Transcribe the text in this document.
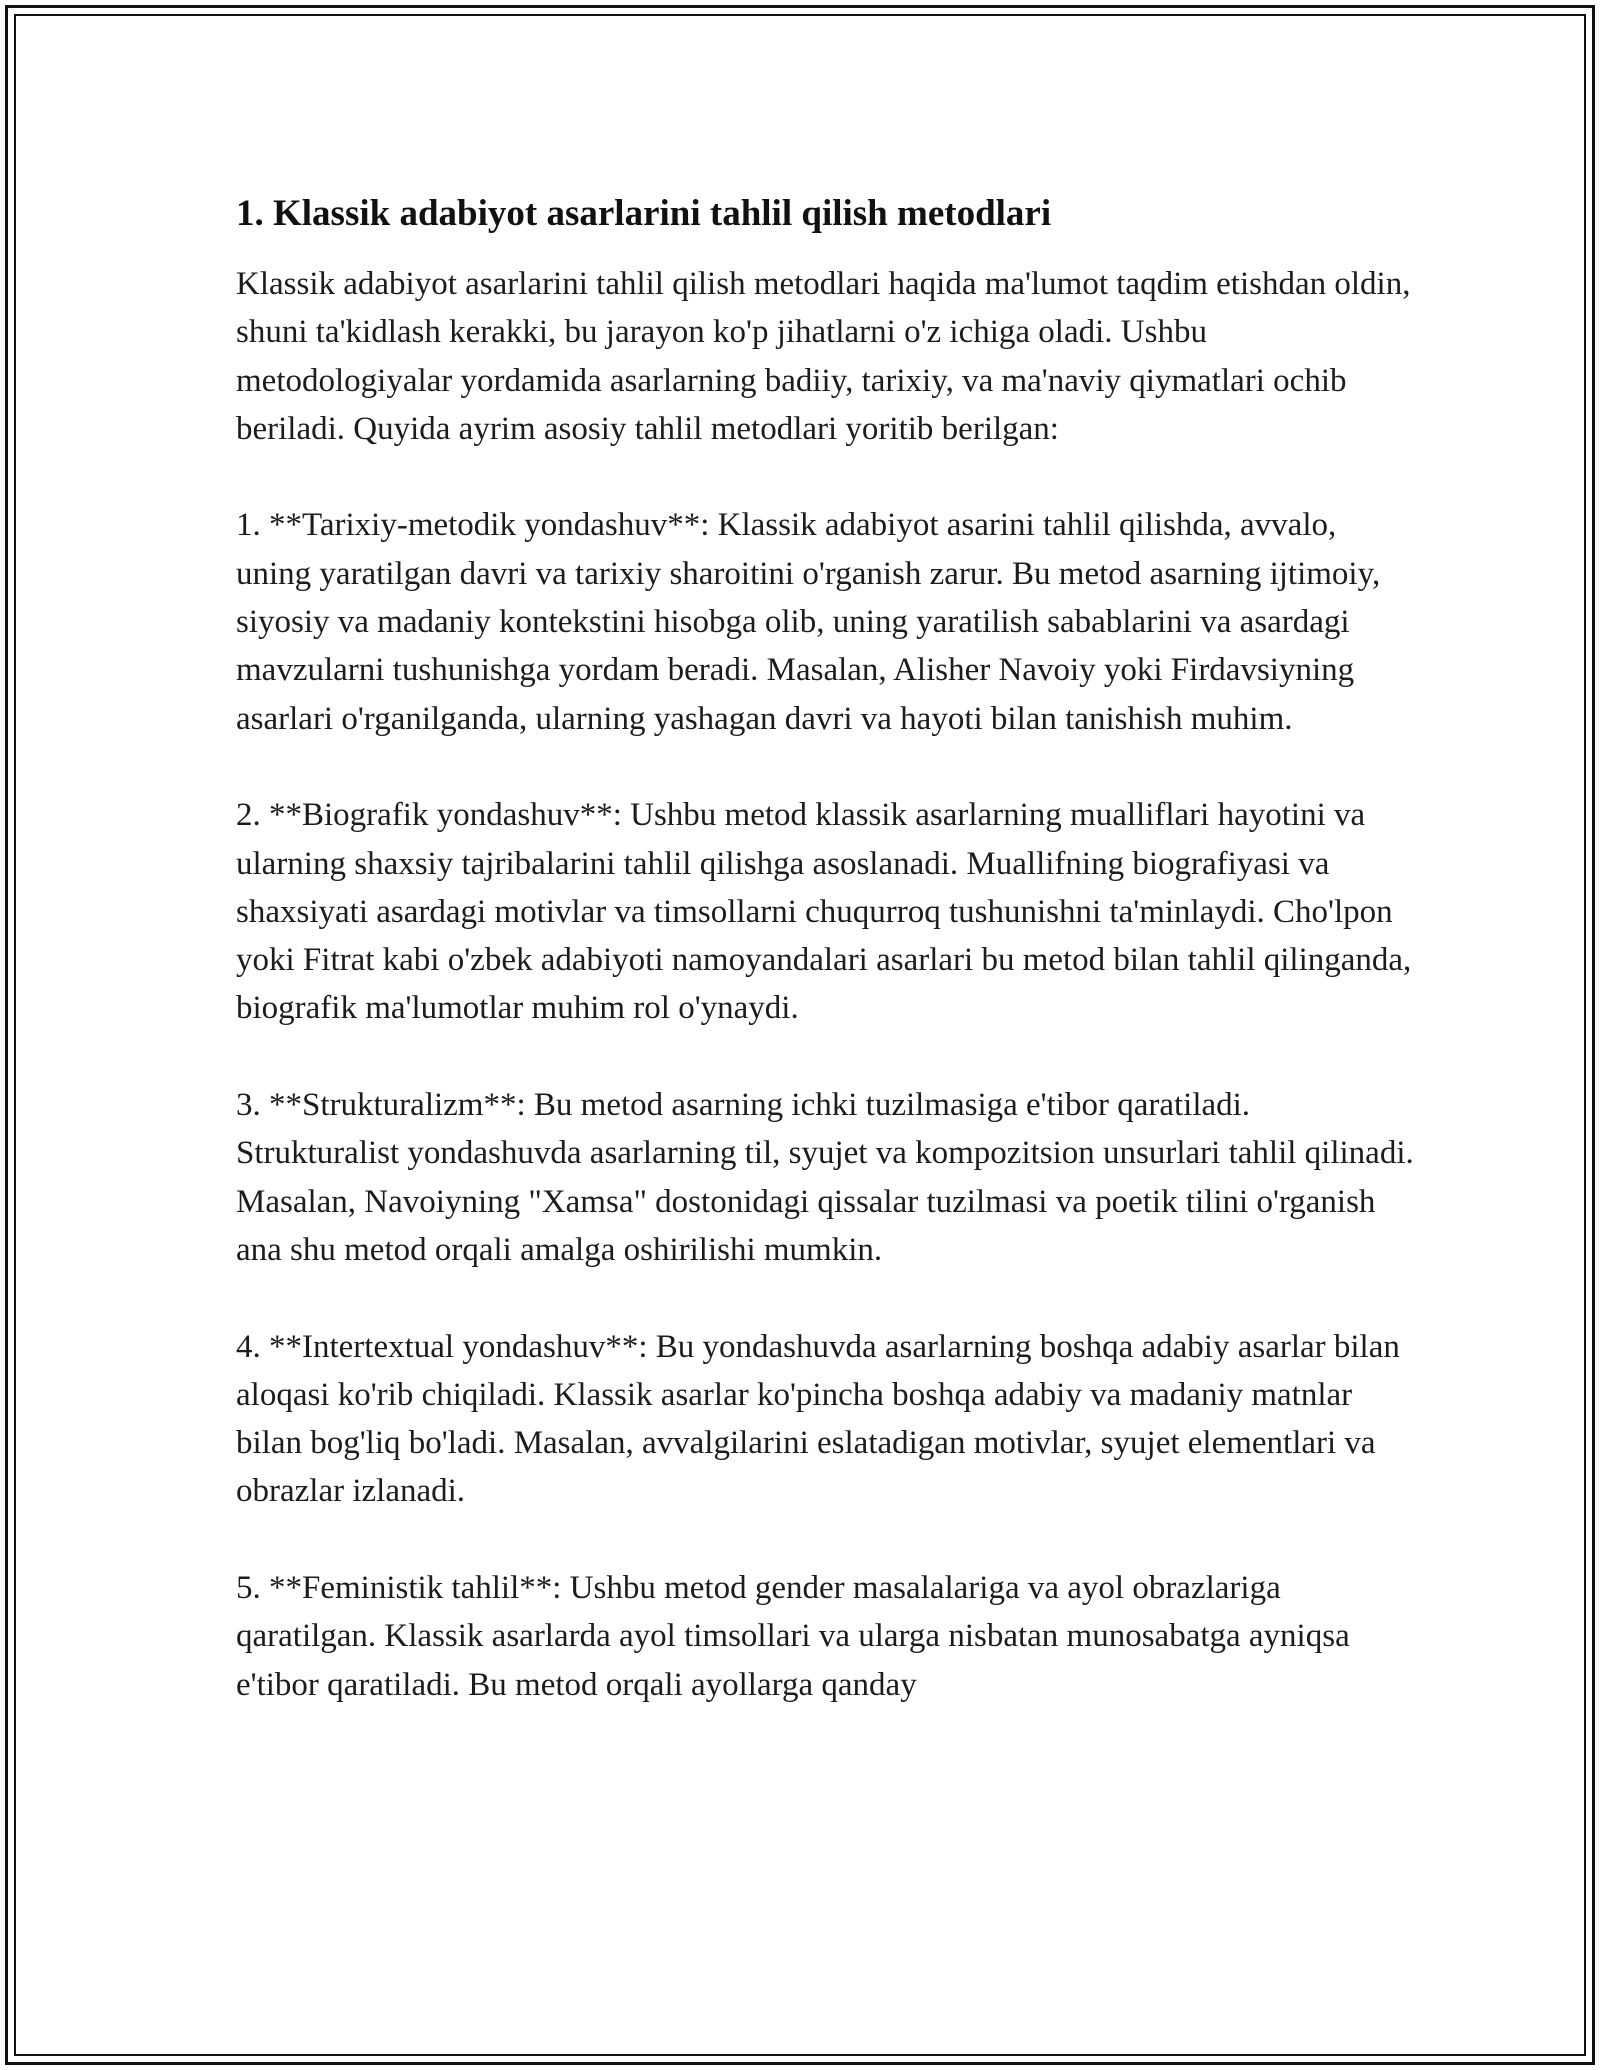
1. Klassik adabiyot asarlarini tahlil qilish metodlari

Klassik adabiyot asarlarini tahlil qilish metodlari haqida ma'lumot taqdim etishdan oldin, shuni ta'kidlash kerakki, bu jarayon ko'p jihatlarni o'z ichiga oladi. Ushbu metodologiyalar yordamida asarlarning badiiy, tarixiy, va ma'naviy qiymatlari ochib beriladi. Quyida ayrim asosiy tahlil metodlari yoritib berilgan:

1. **Tarixiy-metodik yondashuv**: Klassik adabiyot asarini tahlil qilishda, avvalo, uning yaratilgan davri va tarixiy sharoitini o'rganish zarur. Bu metod asarning ijtimoiy, siyosiy va madaniy kontekstini hisobga olib, uning yaratilish sabablarini va asardagi mavzularni tushunishga yordam beradi. Masalan, Alisher Navoiy yoki Firdavsiyning asarlari o'rganilganda, ularning yashagan davri va hayoti bilan tanishish muhim.

2. **Biografik yondashuv**: Ushbu metod klassik asarlarning mualliflari hayotini va ularning shaxsiy tajribalarini tahlil qilishga asoslanadi. Muallifning biografiyasi va shaxsiyati asardagi motivlar va timsollarni chuqurroq tushunishni ta'minlaydi. Cho'lpon yoki Fitrat kabi o'zbek adabiyoti namoyandalari asarlari bu metod bilan tahlil qilinganda, biografik ma'lumotlar muhim rol o'ynaydi.

3. **Strukturalizm**: Bu metod asarning ichki tuzilmasiga e'tibor qaratiladi. Strukturalist yondashuvda asarlarning til, syujet va kompozitsion unsurlari tahlil qilinadi. Masalan, Navoiyning "Xamsa" dostonidagi qissalar tuzilmasi va poetik tilini o'rganish ana shu metod orqali amalga oshirilishi mumkin.

4. **Intertextual yondashuv**: Bu yondashuvda asarlarning boshqa adabiy asarlar bilan aloqasi ko'rib chiqiladi. Klassik asarlar ko'pincha boshqa adabiy va madaniy matnlar bilan bog'liq bo'ladi. Masalan, avvalgilarini eslatadigan motivlar, syujet elementlari va obrazlar izlanadi.

5. **Feministik tahlil**: Ushbu metod gender masalalariga va ayol obrazlariga qaratilgan. Klassik asarlarda ayol timsollari va ularga nisbatan munosabatga ayniqsa e'tibor qaratiladi. Bu metod orqali ayollarga qanday
